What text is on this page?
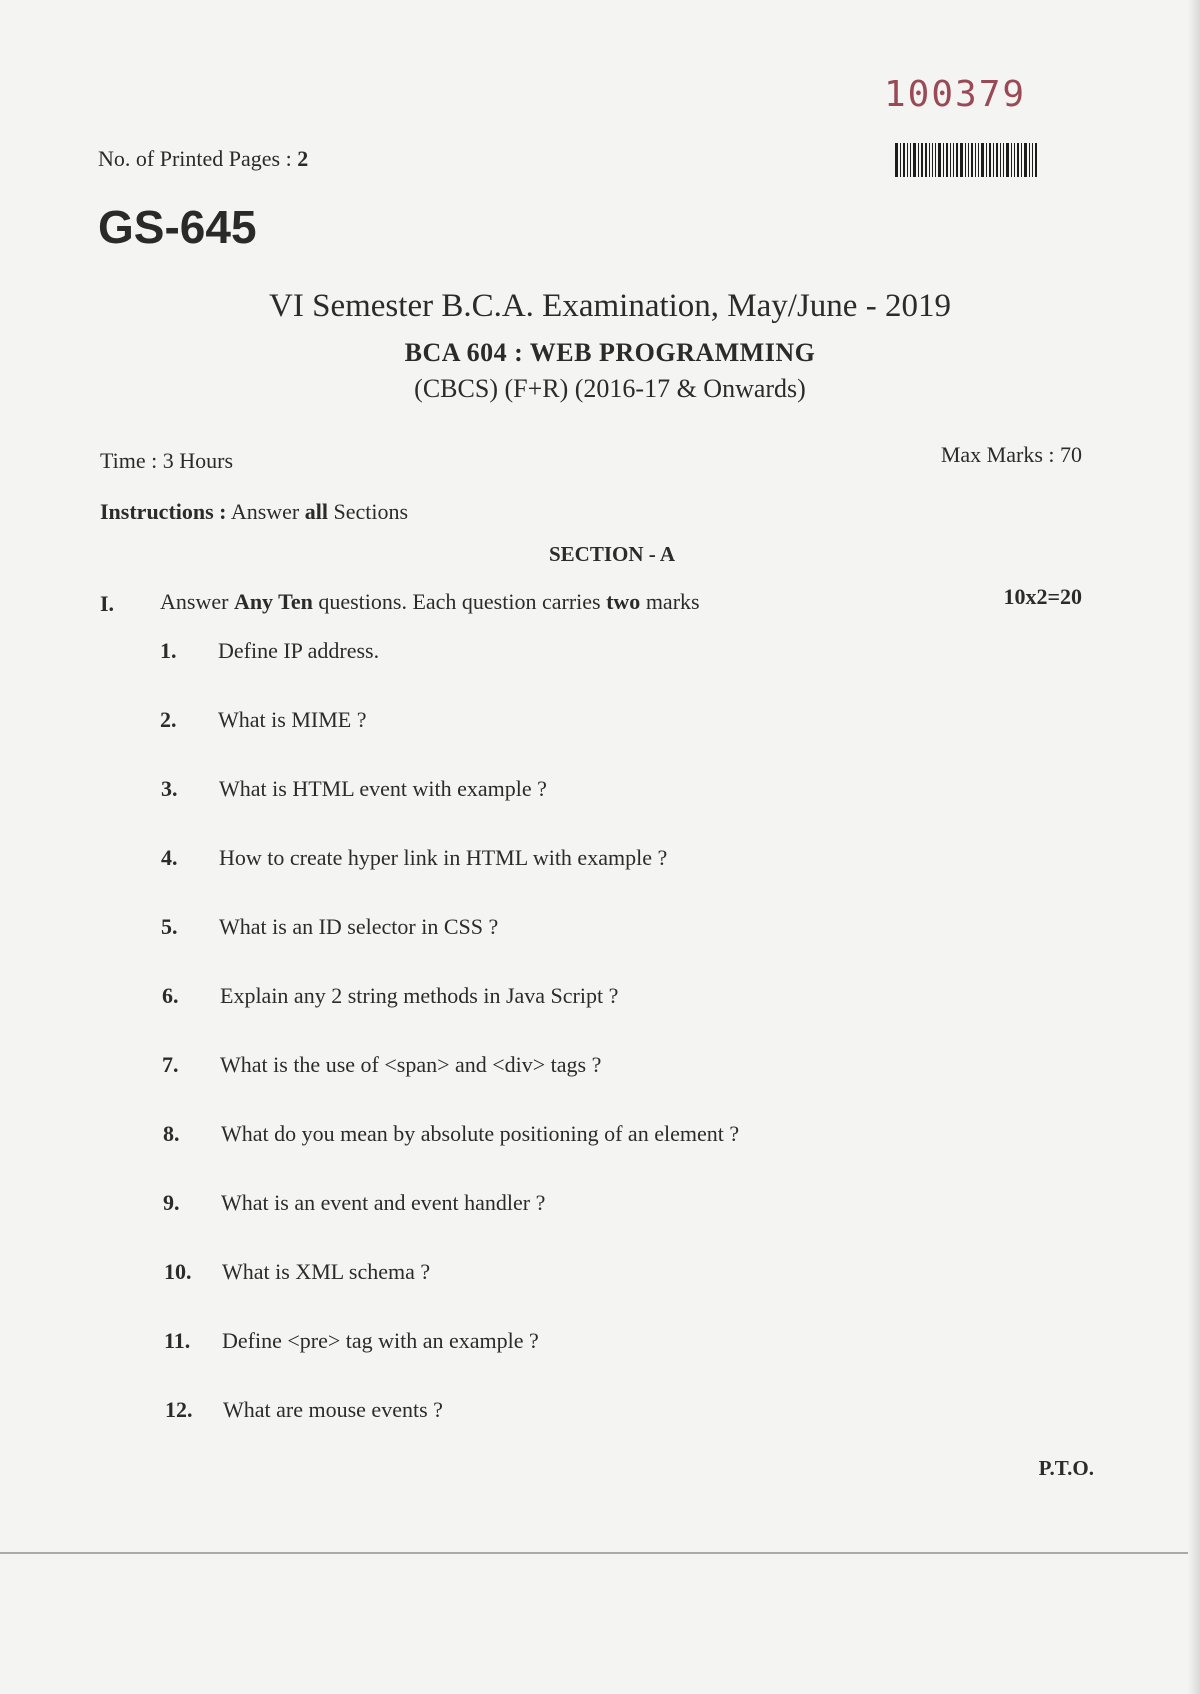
100379
No. of Printed Pages : 2
GS-645
VI Semester B.C.A. Examination, May/June - 2019
BCA 604 : WEB PROGRAMMING
(CBCS) (F+R) (2016-17 & Onwards)
Time : 3 Hours	Max Marks : 70
Instructions : Answer all Sections
SECTION - A
I. Answer Any Ten questions. Each question carries two marks	10x2=20
1. Define IP address.
2. What is MIME ?
3. What is HTML event with example ?
4. How to create hyper link in HTML with example ?
5. What is an ID selector in CSS ?
6. Explain any 2 string methods in Java Script ?
7. What is the use of <span> and <div> tags ?
8. What do you mean by absolute positioning of an element ?
9. What is an event and event handler ?
10. What is XML schema ?
11. Define <pre> tag with an example ?
12. What are mouse events ?
P.T.O.
